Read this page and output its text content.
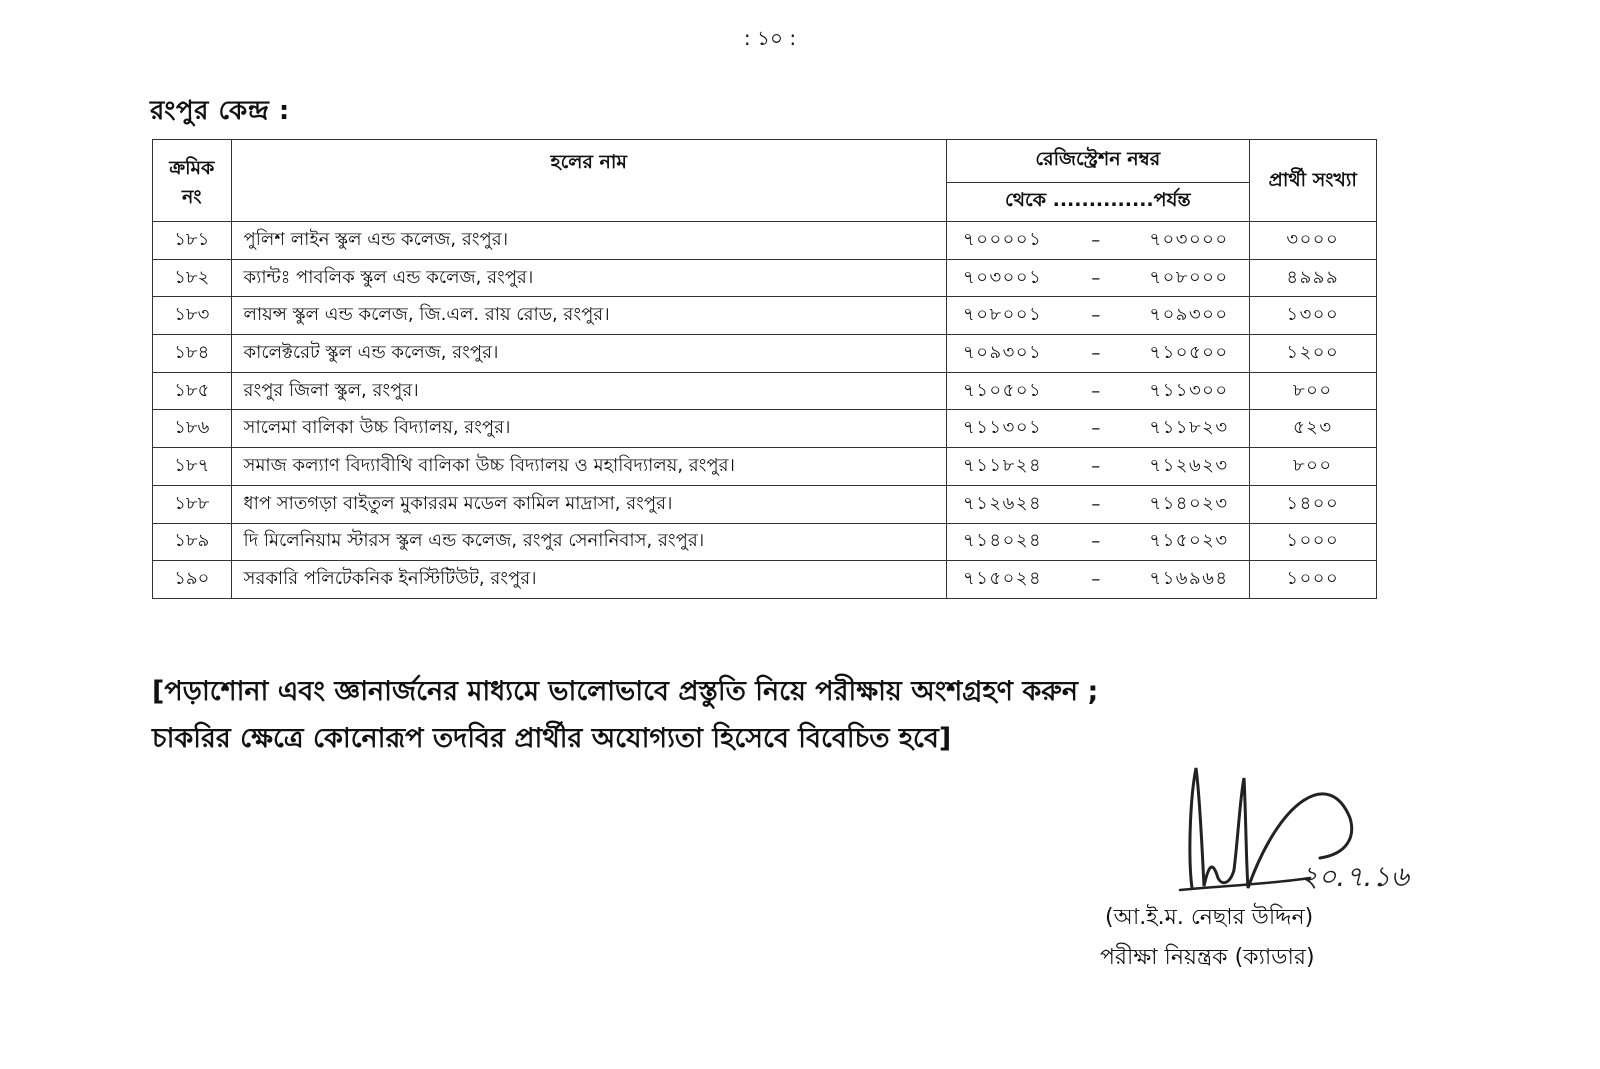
: ১০ :
রংপুর কেন্দ্র :
ক্রমিক নং	হলের নাম	রেজিস্ট্রেশন নম্বর	প্রার্থী সংখ্যা
		থেকে ..............পর্যন্ত	
১৮১	পুলিশ লাইন স্কুল এন্ড কলেজ, রংপুর।	৭০০০০১ – ৭০৩০০০	৩০০০
১৮২	ক্যান্টঃ পাবলিক স্কুল এন্ড কলেজ, রংপুর।	৭০৩০০১ – ৭০৮০০০	৪৯৯৯
১৮৩	লায়ন্স স্কুল এন্ড কলেজ, জি.এল. রায় রোড, রংপুর।	৭০৮০০১ – ৭০৯৩০০	১৩০০
১৮৪	কালেক্টরেট স্কুল এন্ড কলেজ, রংপুর।	৭০৯৩০১ – ৭১০৫০০	১২০০
১৮৫	রংপুর জিলা স্কুল, রংপুর।	৭১০৫০১ – ৭১১৩০০	৮০০
১৮৬	সালেমা বালিকা উচ্চ বিদ্যালয়, রংপুর।	৭১১৩০১ – ৭১১৮২৩	৫২৩
১৮৭	সমাজ কল্যাণ বিদ্যাবীথি বালিকা উচ্চ বিদ্যালয় ও মহাবিদ্যালয়, রংপুর।	৭১১৮২৪ – ৭১২৬২৩	৮০০
১৮৮	ধাপ সাতগড়া বাইতুল মুকাররম মডেল কামিল মাদ্রাসা, রংপুর।	৭১২৬২৪ – ৭১৪০২৩	১৪০০
১৮৯	দি মিলেনিয়াম স্টারস স্কুল এন্ড কলেজ, রংপুর সেনানিবাস, রংপুর।	৭১৪০২৪ – ৭১৫০২৩	১০০০
১৯০	সরকারি পলিটেকনিক ইনস্টিটিউট, রংপুর।	৭১৫০২৪ – ৭১৬৯৬৪	১০০০
[পড়াশোনা এবং জ্ঞানার্জনের মাধ্যমে ভালোভাবে প্রস্তুতি নিয়ে পরীক্ষায় অংশগ্রহণ করুন ;
চাকরির ক্ষেত্রে কোনোরূপ তদবির প্রার্থীর অযোগ্যতা হিসেবে বিবেচিত হবে]
২০.৭.১৬
(আ.ই.ম. নেছার উদ্দিন)
পরীক্ষা নিয়ন্ত্রক (ক্যাডার)
